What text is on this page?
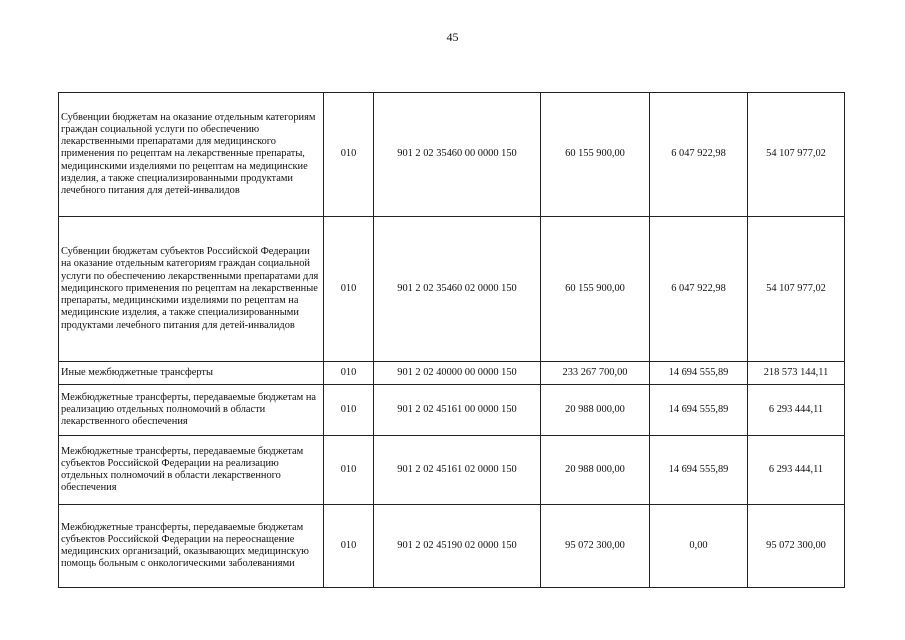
45
Субвенции бюджетам на оказание отдельным категориям граждан социальной услуги по обеспечению лекарственными препаратами для медицинского применения по рецептам на лекарственные препараты, медицинскими изделиями по рецептам на медицинские изделия, а также специализированными продуктами лечебного питания для детей-инвалидов	010	901 2 02 35460 00 0000 150	60 155 900,00	6 047 922,98	54 107 977,02
Субвенции бюджетам субъектов Российской Федерации на оказание отдельным категориям граждан социальной услуги по обеспечению лекарственными препаратами для медицинского применения по рецептам на лекарственные препараты, медицинскими изделиями по рецептам на медицинские изделия, а также специализированными продуктами лечебного питания для детей-инвалидов	010	901 2 02 35460 02 0000 150	60 155 900,00	6 047 922,98	54 107 977,02
Иные межбюджетные трансферты	010	901 2 02 40000 00 0000 150	233 267 700,00	14 694 555,89	218 573 144,11
Межбюджетные трансферты, передаваемые бюджетам на реализацию отдельных полномочий в области лекарственного обеспечения	010	901 2 02 45161 00 0000 150	20 988 000,00	14 694 555,89	6 293 444,11
Межбюджетные трансферты, передаваемые бюджетам субъектов Российской Федерации на реализацию отдельных полномочий в области лекарственного обеспечения	010	901 2 02 45161 02 0000 150	20 988 000,00	14 694 555,89	6 293 444,11
Межбюджетные трансферты, передаваемые бюджетам субъектов Российской Федерации на переоснащение медицинских организаций, оказывающих медицинскую помощь больным с онкологическими заболеваниями	010	901 2 02 45190 02 0000 150	95 072 300,00	0,00	95 072 300,00
